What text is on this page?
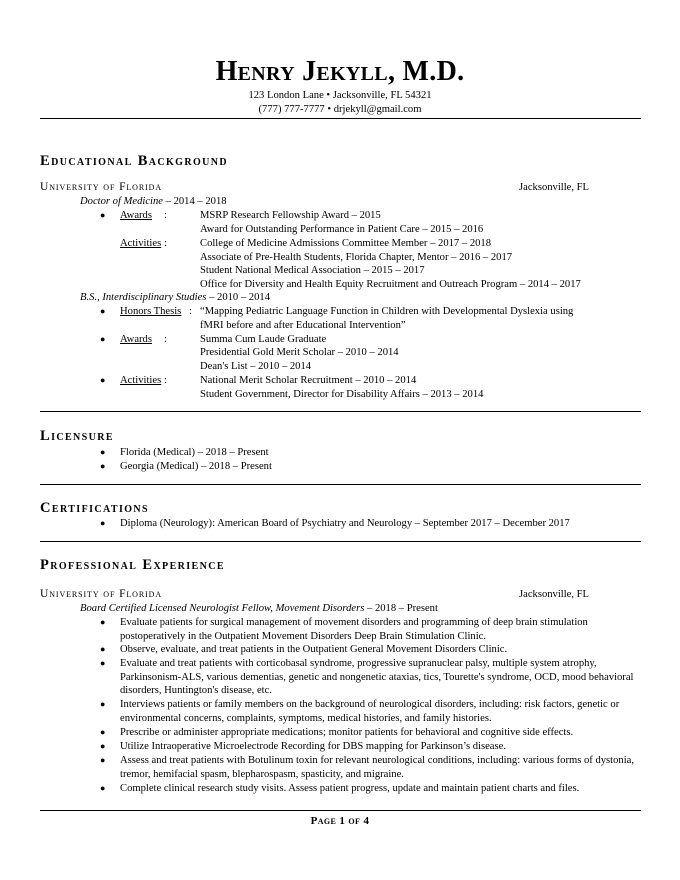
Henry Jekyll, M.D.
123 London Lane • Jacksonville, FL 54321
(777) 777-7777 • drjekyll@gmail.com
Educational Background
University of Florida	Jacksonville, FL
Doctor of Medicine – 2014 – 2018
● Awards :	MSRP Research Fellowship Award – 2015
Award for Outstanding Performance in Patient Care – 2015 – 2016
Activities :	College of Medicine Admissions Committee Member – 2017 – 2018
Associate of Pre-Health Students, Florida Chapter, Mentor – 2016 – 2017
Student National Medical Association – 2015 – 2017
Office for Diversity and Health Equity Recruitment and Outreach Program – 2014 – 2017
B.S., Interdisciplinary Studies – 2010 – 2014
● Honors Thesis : “Mapping Pediatric Language Function in Children with Developmental Dyslexia using
fMRI before and after Educational Intervention”
● Awards :	Summa Cum Laude Graduate
Presidential Gold Merit Scholar – 2010 – 2014
Dean's List – 2010 – 2014
● Activities :	National Merit Scholar Recruitment – 2010 – 2014
Student Government, Director for Disability Affairs – 2013 – 2014
Licensure
● Florida (Medical) – 2018 – Present
● Georgia (Medical) – 2018 – Present
Certifications
● Diploma (Neurology): American Board of Psychiatry and Neurology – September 2017 – December 2017
Professional Experience
University of Florida	Jacksonville, FL
Board Certified Licensed Neurologist Fellow, Movement Disorders – 2018 – Present
● Evaluate patients for surgical management of movement disorders and programming of deep brain stimulation postoperatively in the Outpatient Movement Disorders Deep Brain Stimulation Clinic.
● Observe, evaluate, and treat patients in the Outpatient General Movement Disorders Clinic.
● Evaluate and treat patients with corticobasal syndrome, progressive supranuclear palsy, multiple system atrophy, Parkinsonism-ALS, various dementias, genetic and nongenetic ataxias, tics, Tourette's syndrome, OCD, mood behavioral disorders, Huntington's disease, etc.
● Interviews patients or family members on the background of neurological disorders, including: risk factors, genetic or environmental concerns, complaints, symptoms, medical histories, and family histories.
● Prescribe or administer appropriate medications; monitor patients for behavioral and cognitive side effects.
● Utilize Intraoperative Microelectrode Recording for DBS mapping for Parkinson’s disease.
● Assess and treat patients with Botulinum toxin for relevant neurological conditions, including: various forms of dystonia, tremor, hemifacial spasm, blepharospasm, spasticity, and migraine.
● Complete clinical research study visits. Assess patient progress, update and maintain patient charts and files.
Page 1 of 4
